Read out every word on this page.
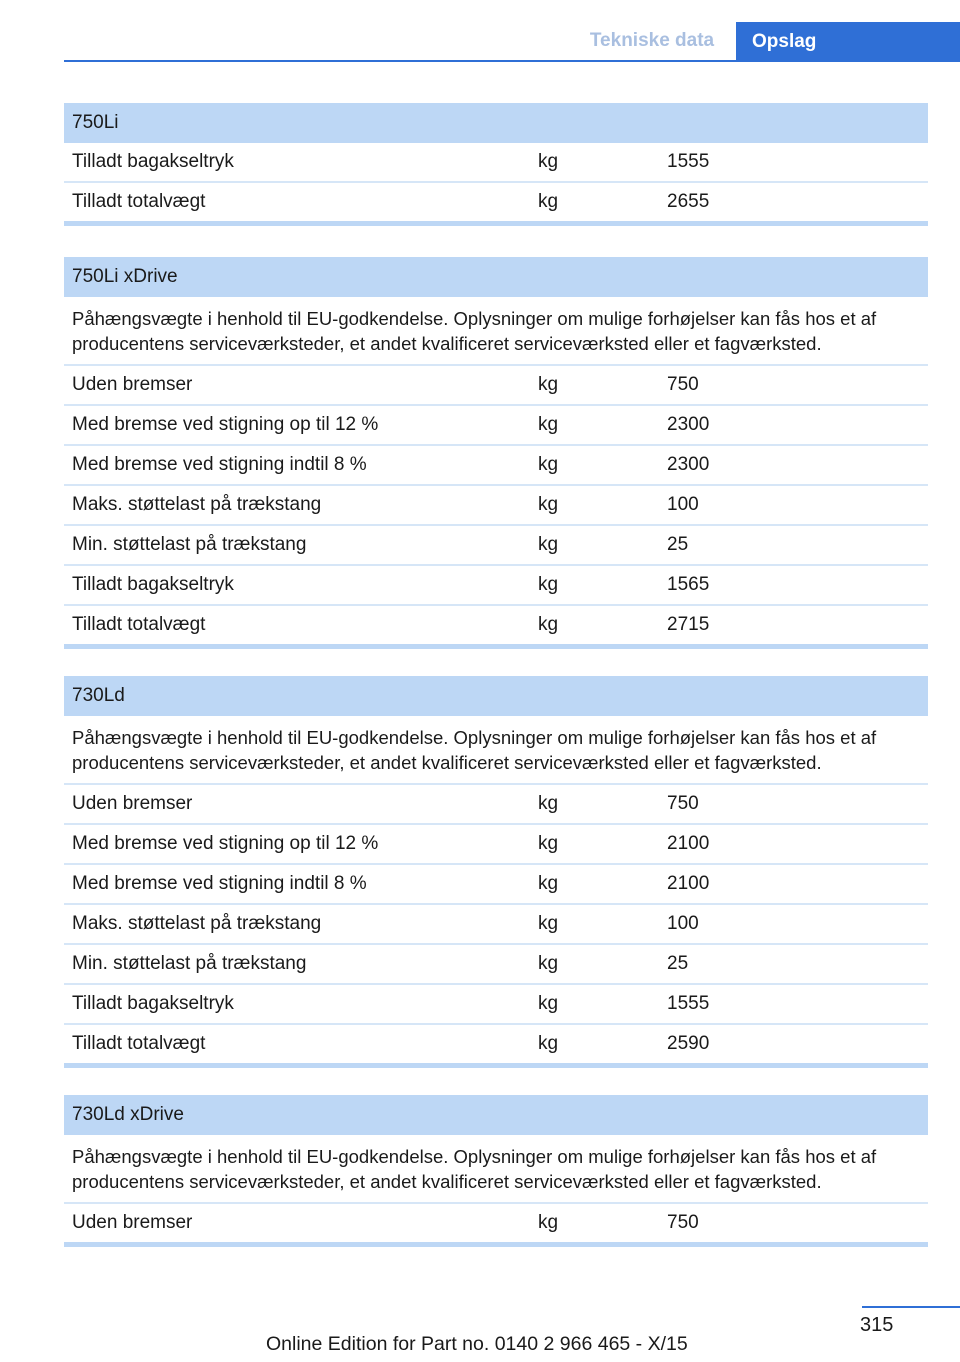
Tekniske data	Opslag
750Li
Tilladt bagakseltryk	kg	1555
Tilladt totalvægt	kg	2655
750Li xDrive
Påhængsvægte i henhold til EU-godkendelse. Oplysninger om mulige forhøjelser kan fås hos et af producentens serviceværksteder, et andet kvalificeret serviceværksted eller et fagværksted.
Uden bremser	kg	750
Med bremse ved stigning op til 12 %	kg	2300
Med bremse ved stigning indtil 8 %	kg	2300
Maks. støttelast på trækstang	kg	100
Min. støttelast på trækstang	kg	25
Tilladt bagakseltryk	kg	1565
Tilladt totalvægt	kg	2715
730Ld
Påhængsvægte i henhold til EU-godkendelse. Oplysninger om mulige forhøjelser kan fås hos et af producentens serviceværksteder, et andet kvalificeret serviceværksted eller et fagværksted.
Uden bremser	kg	750
Med bremse ved stigning op til 12 %	kg	2100
Med bremse ved stigning indtil 8 %	kg	2100
Maks. støttelast på trækstang	kg	100
Min. støttelast på trækstang	kg	25
Tilladt bagakseltryk	kg	1555
Tilladt totalvægt	kg	2590
730Ld xDrive
Påhængsvægte i henhold til EU-godkendelse. Oplysninger om mulige forhøjelser kan fås hos et af producentens serviceværksteder, et andet kvalificeret serviceværksted eller et fagværksted.
Uden bremser	kg	750
315
Online Edition for Part no. 0140 2 966 465 - X/15
